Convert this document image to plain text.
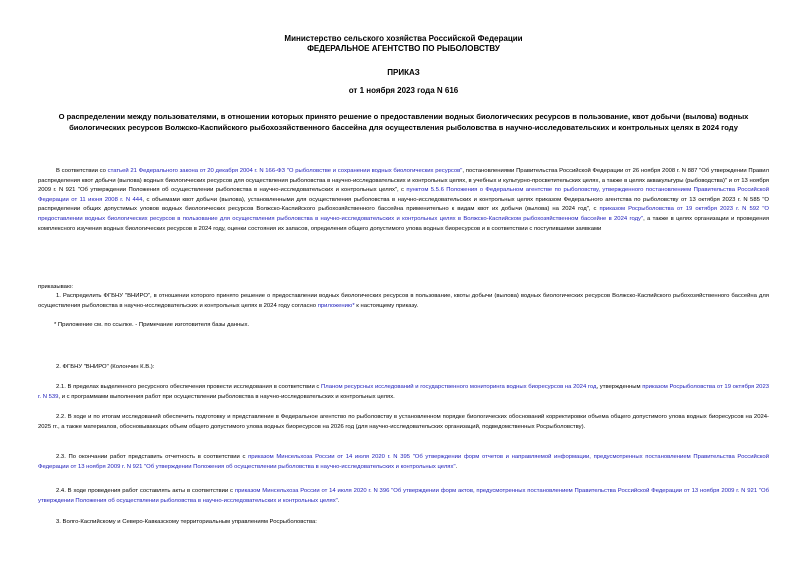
Министерство сельского хозяйства Российской Федерации
ФЕДЕРАЛЬНОЕ АГЕНТСТВО ПО РЫБОЛОВСТВУ
ПРИКАЗ
от 1 ноября 2023 года N 616
О распределении между пользователями, в отношении которых принято решение о предоставлении водных биологических ресурсов в пользование, квот добычи (вылова) водных биологических ресурсов Волжско-Каспийского рыбохозяйственного бассейна для осуществления рыболовства в научно-исследовательских и контрольных целях в 2024 году
В соответствии со статьей 21 Федерального закона от 20 декабря 2004 г. N 166-ФЗ "О рыболовстве и сохранении водных биологических ресурсов", постановлениями Правительства Российской Федерации от 26 ноября 2008 г. N 887 "Об утверждении Правил распределения квот добычи (вылова) водных биологических ресурсов для осуществления рыболовства в научно-исследовательских и контрольных целях, в учебных и культурно-просветительских целях, а также в целях аквакультуры (рыбоводства)" и от 13 ноября 2009 г. N 921 "Об утверждении Положения об осуществлении рыболовства в научно-исследовательских и контрольных целях", с пунктом 5.5.6 Положения о Федеральном агентстве по рыболовству, утвержденного постановлением Правительства Российской Федерации от 11 июня 2008 г. N 444, с объемами квот добычи (вылова), установленными для осуществления рыболовства в научно-исследовательских и контрольных целях приказом Федерального агентства по рыболовству от 13 октября 2023 г. N 585 "О распределении общих допустимых уловов водных биологических ресурсов Волжско-Каспийского рыбохозяйственного бассейна применительно к видам квот их добычи (вылова) на 2024 год", с приказом Росрыболовства от 19 октября 2023 г. N 592 "О предоставлении водных биологических ресурсов в пользование для осуществления рыболовства в научно-исследовательских и контрольных целях в Волжско-Каспийском рыбохозяйственном бассейне в 2024 году", а также в целях организации и проведения комплексного изучения водных биологических ресурсов в 2024 году, оценки состояния их запасов, определения общего допустимого улова водных биоресурсов и в соответствии с поступившими заявками
приказываю:
1. Распределить ФГБНУ "ВНИРО", в отношении которого принято решение о предоставлении водных биологических ресурсов в пользование, квоты добычи (вылова) водных биологических ресурсов Волжско-Каспийского рыбохозяйственного бассейна для осуществления рыболовства в научно-исследовательских и контрольных целях в 2024 году согласно приложению* к настоящему приказу.
* Приложение см. по ссылке. - Примечание изготовителя базы данных.
2. ФГБНУ "ВНИРО" (Колончин К.В.):
2.1. В пределах выделенного ресурсного обеспечения провести исследования в соответствии с Планом ресурсных исследований и государственного мониторинга водных биоресурсов на 2024 год, утвержденным приказом Росрыболовства от 19 октября 2023 г. N 539, и с программами выполнения работ при осуществлении рыболовства в научно-исследовательских и контрольных целях.
2.2. В ходе и по итогам исследований обеспечить подготовку и представление в Федеральное агентство по рыболовству в установленном порядке биологических обоснований корректировки объема общего допустимого улова водных биоресурсов на 2024-2025 гг., а также материалов, обосновывающих объем общего допустимого улова водных биоресурсов на 2026 год (для научно-исследовательских организаций, подведомственных Росрыболовству).
2.3. По окончании работ представить отчетность в соответствии с приказом Минсельхоза России от 14 июля 2020 г. N 395 "Об утверждении форм отчетов и направляемой информации, предусмотренных постановлением Правительства Российской Федерации от 13 ноября 2009 г. N 921 "Об утверждении Положения об осуществлении рыболовства в научно-исследовательских и контрольных целях".
2.4. В ходе проведения работ составлять акты в соответствии с приказом Минсельхоза России от 14 июля 2020 г. N 396 "Об утверждении форм актов, предусмотренных постановлением Правительства Российской Федерации от 13 ноября 2009 г. N 921 "Об утверждении Положения об осуществлении рыболовства в научно-исследовательских и контрольных целях".
3. Волго-Каспийскому и Северо-Кавказскому территориальным управлениям Росрыболовства:
